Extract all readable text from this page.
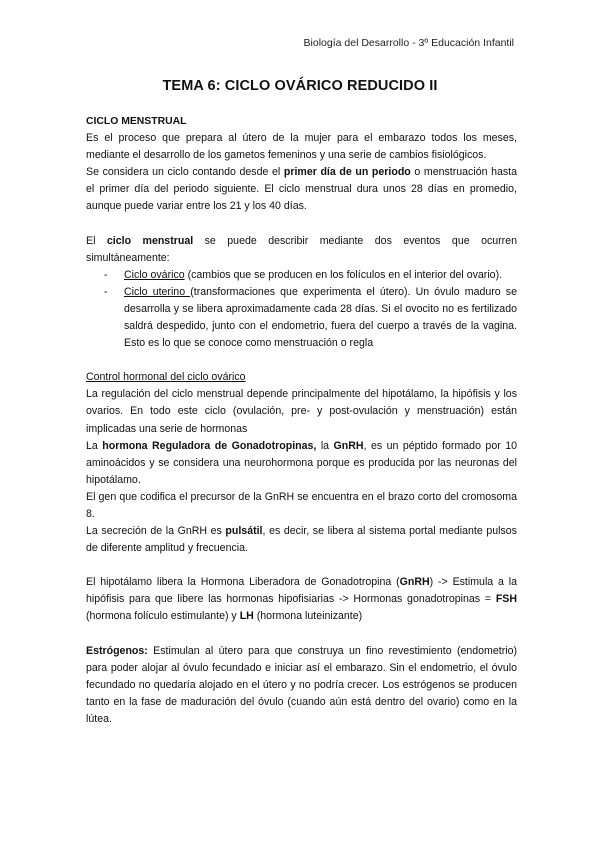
Biología del Desarrollo - 3º Educación Infantil
TEMA 6: CICLO OVÁRICO REDUCIDO II

CICLO MENSTRUAL

Es el proceso que prepara al útero de la mujer para el embarazo todos los meses, mediante el desarrollo de los gametos femeninos y una serie de cambios fisiológicos.

Se considera un ciclo contando desde el primer día de un periodo o menstruación hasta el primer día del periodo siguiente. El ciclo menstrual dura unos 28 días en promedio, aunque puede variar entre los 21 y los 40 días.

El ciclo menstrual se puede describir mediante dos eventos que ocurren simultáneamente:

- Ciclo ovárico (cambios que se producen en los folículos en el interior del ovario).
- Ciclo uterino (transformaciones que experimenta el útero). Un óvulo maduro se desarrolla y se libera aproximadamente cada 28 días. Si el ovocito no es fertilizado saldrá despedido, junto con el endometrio, fuera del cuerpo a través de la vagina. Esto es lo que se conoce como menstruación o regla

Control hormonal del ciclo ovárico

La regulación del ciclo menstrual depende principalmente del hipotálamo, la hipófisis y los ovarios. En todo este ciclo (ovulación, pre- y post-ovulación y menstruación) están implicadas una serie de hormonas

La hormona Reguladora de Gonadotropinas, la GnRH, es un péptido formado por 10 aminoácidos y se considera una neurohormona porque es producida por las neuronas del hipotálamo.

El gen que codifica el precursor de la GnRH se encuentra en el brazo corto del cromosoma 8.

La secreción de la GnRH es pulsátil, es decir, se libera al sistema portal mediante pulsos de diferente amplitud y frecuencia.

El hipotálamo libera la Hormona Liberadora de Gonadotropina (GnRH) -> Estimula a la hipófisis para que libere las hormonas hipofisiarias -> Hormonas gonadotropinas = FSH (hormona folículo estimulante) y LH (hormona luteinizante)

Estrógenos: Estimulan al útero para que construya un fino revestimiento (endometrio) para poder alojar al óvulo fecundado e iniciar así el embarazo. Sin el endometrio, el óvulo fecundado no quedaría alojado en el útero y no podría crecer. Los estrógenos se producen tanto en la fase de maduración del óvulo (cuando aún está dentro del ovario) como en la lútea.
